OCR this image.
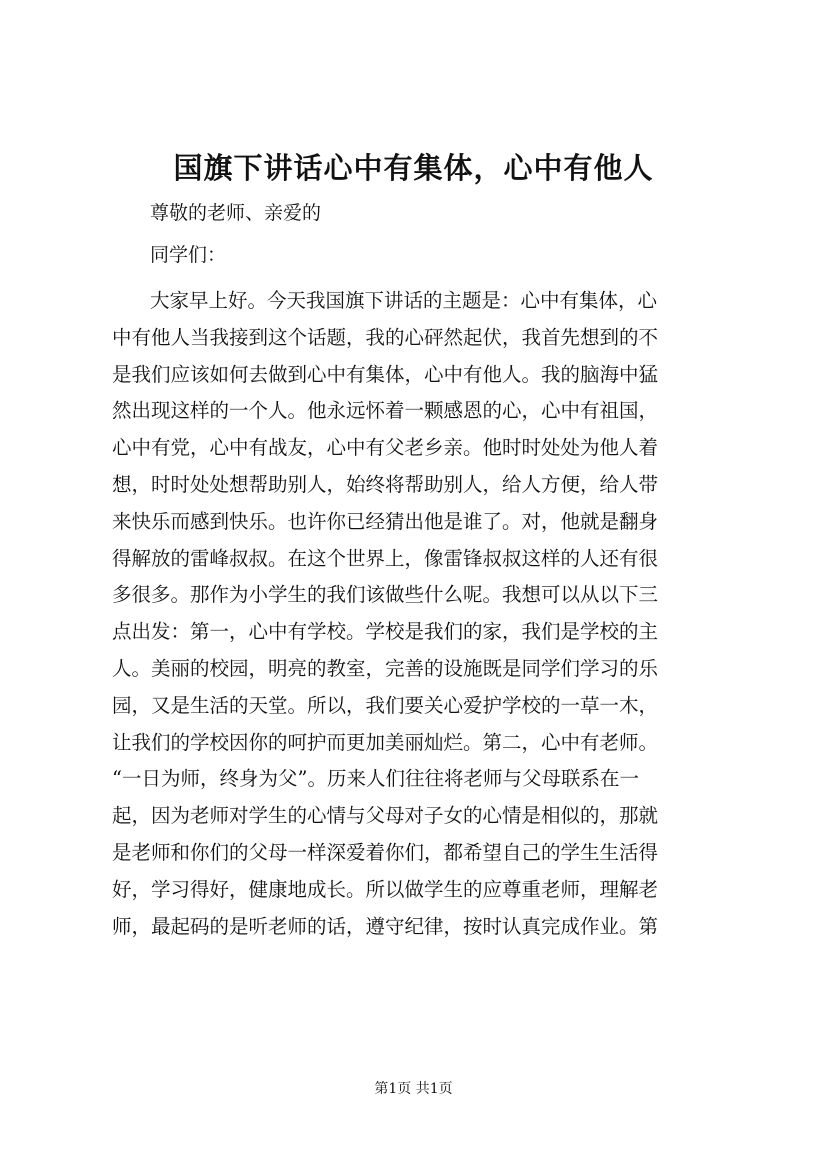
国旗下讲话心中有集体，心中有他人

尊敬的老师、亲爱的

同学们：

大家早上好。今天我国旗下讲话的主题是：心中有集体，心
中有他人当我接到这个话题，我的心砰然起伏，我首先想到的不
是我们应该如何去做到心中有集体，心中有他人。我的脑海中猛
然出现这样的一个人。他永远怀着一颗感恩的心，心中有祖国，
心中有党，心中有战友，心中有父老乡亲。他时时处处为他人着
想，时时处处想帮助别人，始终将帮助别人，给人方便，给人带
来快乐而感到快乐。也许你已经猜出他是谁了。对，他就是翻身
得解放的雷峰叔叔。在这个世界上，像雷锋叔叔这样的人还有很
多很多。那作为小学生的我们该做些什么呢。我想可以从以下三
点出发：第一，心中有学校。学校是我们的家，我们是学校的主
人。美丽的校园，明亮的教室，完善的设施既是同学们学习的乐
园，又是生活的天堂。所以，我们要关心爱护学校的一草一木，
让我们的学校因你的呵护而更加美丽灿烂。第二，心中有老师。
“一日为师，终身为父”。历来人们往往将老师与父母联系在一
起，因为老师对学生的心情与父母对子女的心情是相似的，那就
是老师和你们的父母一样深爱着你们，都希望自己的学生生活得
好，学习得好，健康地成长。所以做学生的应尊重老师，理解老
师，最起码的是听老师的话，遵守纪律，按时认真完成作业。第

第1页 共1页
